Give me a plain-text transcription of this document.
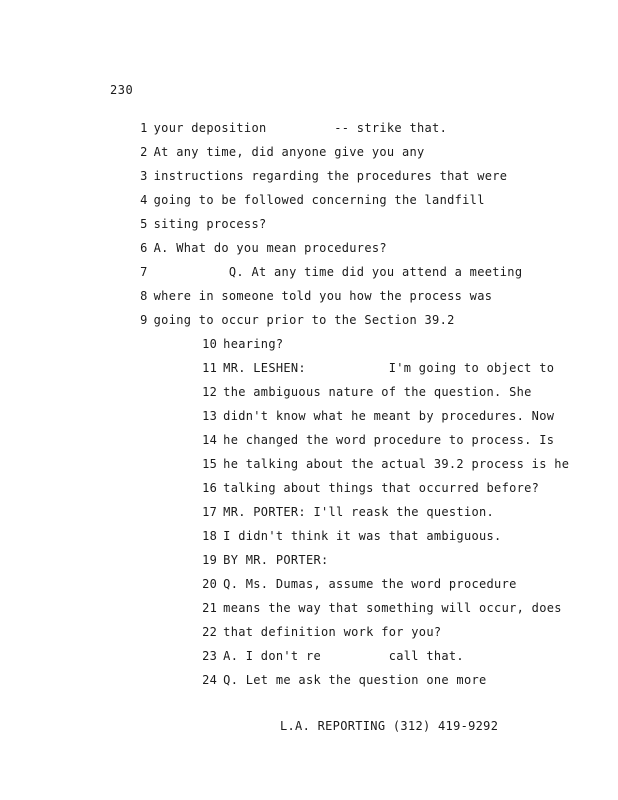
230

1 your deposition         -- strike that.

2 At any time, did anyone give you any

3 instructions regarding the procedures that were

4 going to be followed concerning the landfill

5 siting process?

6 A. What do you mean procedures?

7          Q. At any time did you attend a meeting

8 where in someone told you how the process was

9 going to occur prior to the Section 39.2

10 hearing?

11 MR. LESHEN:           I'm going to object to

12 the ambiguous nature of the question. She

13 didn't know what he meant by procedures. Now

14 he changed the word procedure to process. Is

15 he talking about the actual 39.2 process is he

16 talking about things that occurred before?

17 MR. PORTER: I'll reask the question.

18 I didn't think it was that ambiguous.

19 BY MR. PORTER:

20 Q. Ms. Dumas, assume the word procedure

21 means the way that something will occur, does

22 that definition work for you?

23 A. I don't re         call that.

24 Q. Let me ask the question one more

L.A. REPORTING (312) 419-9292
